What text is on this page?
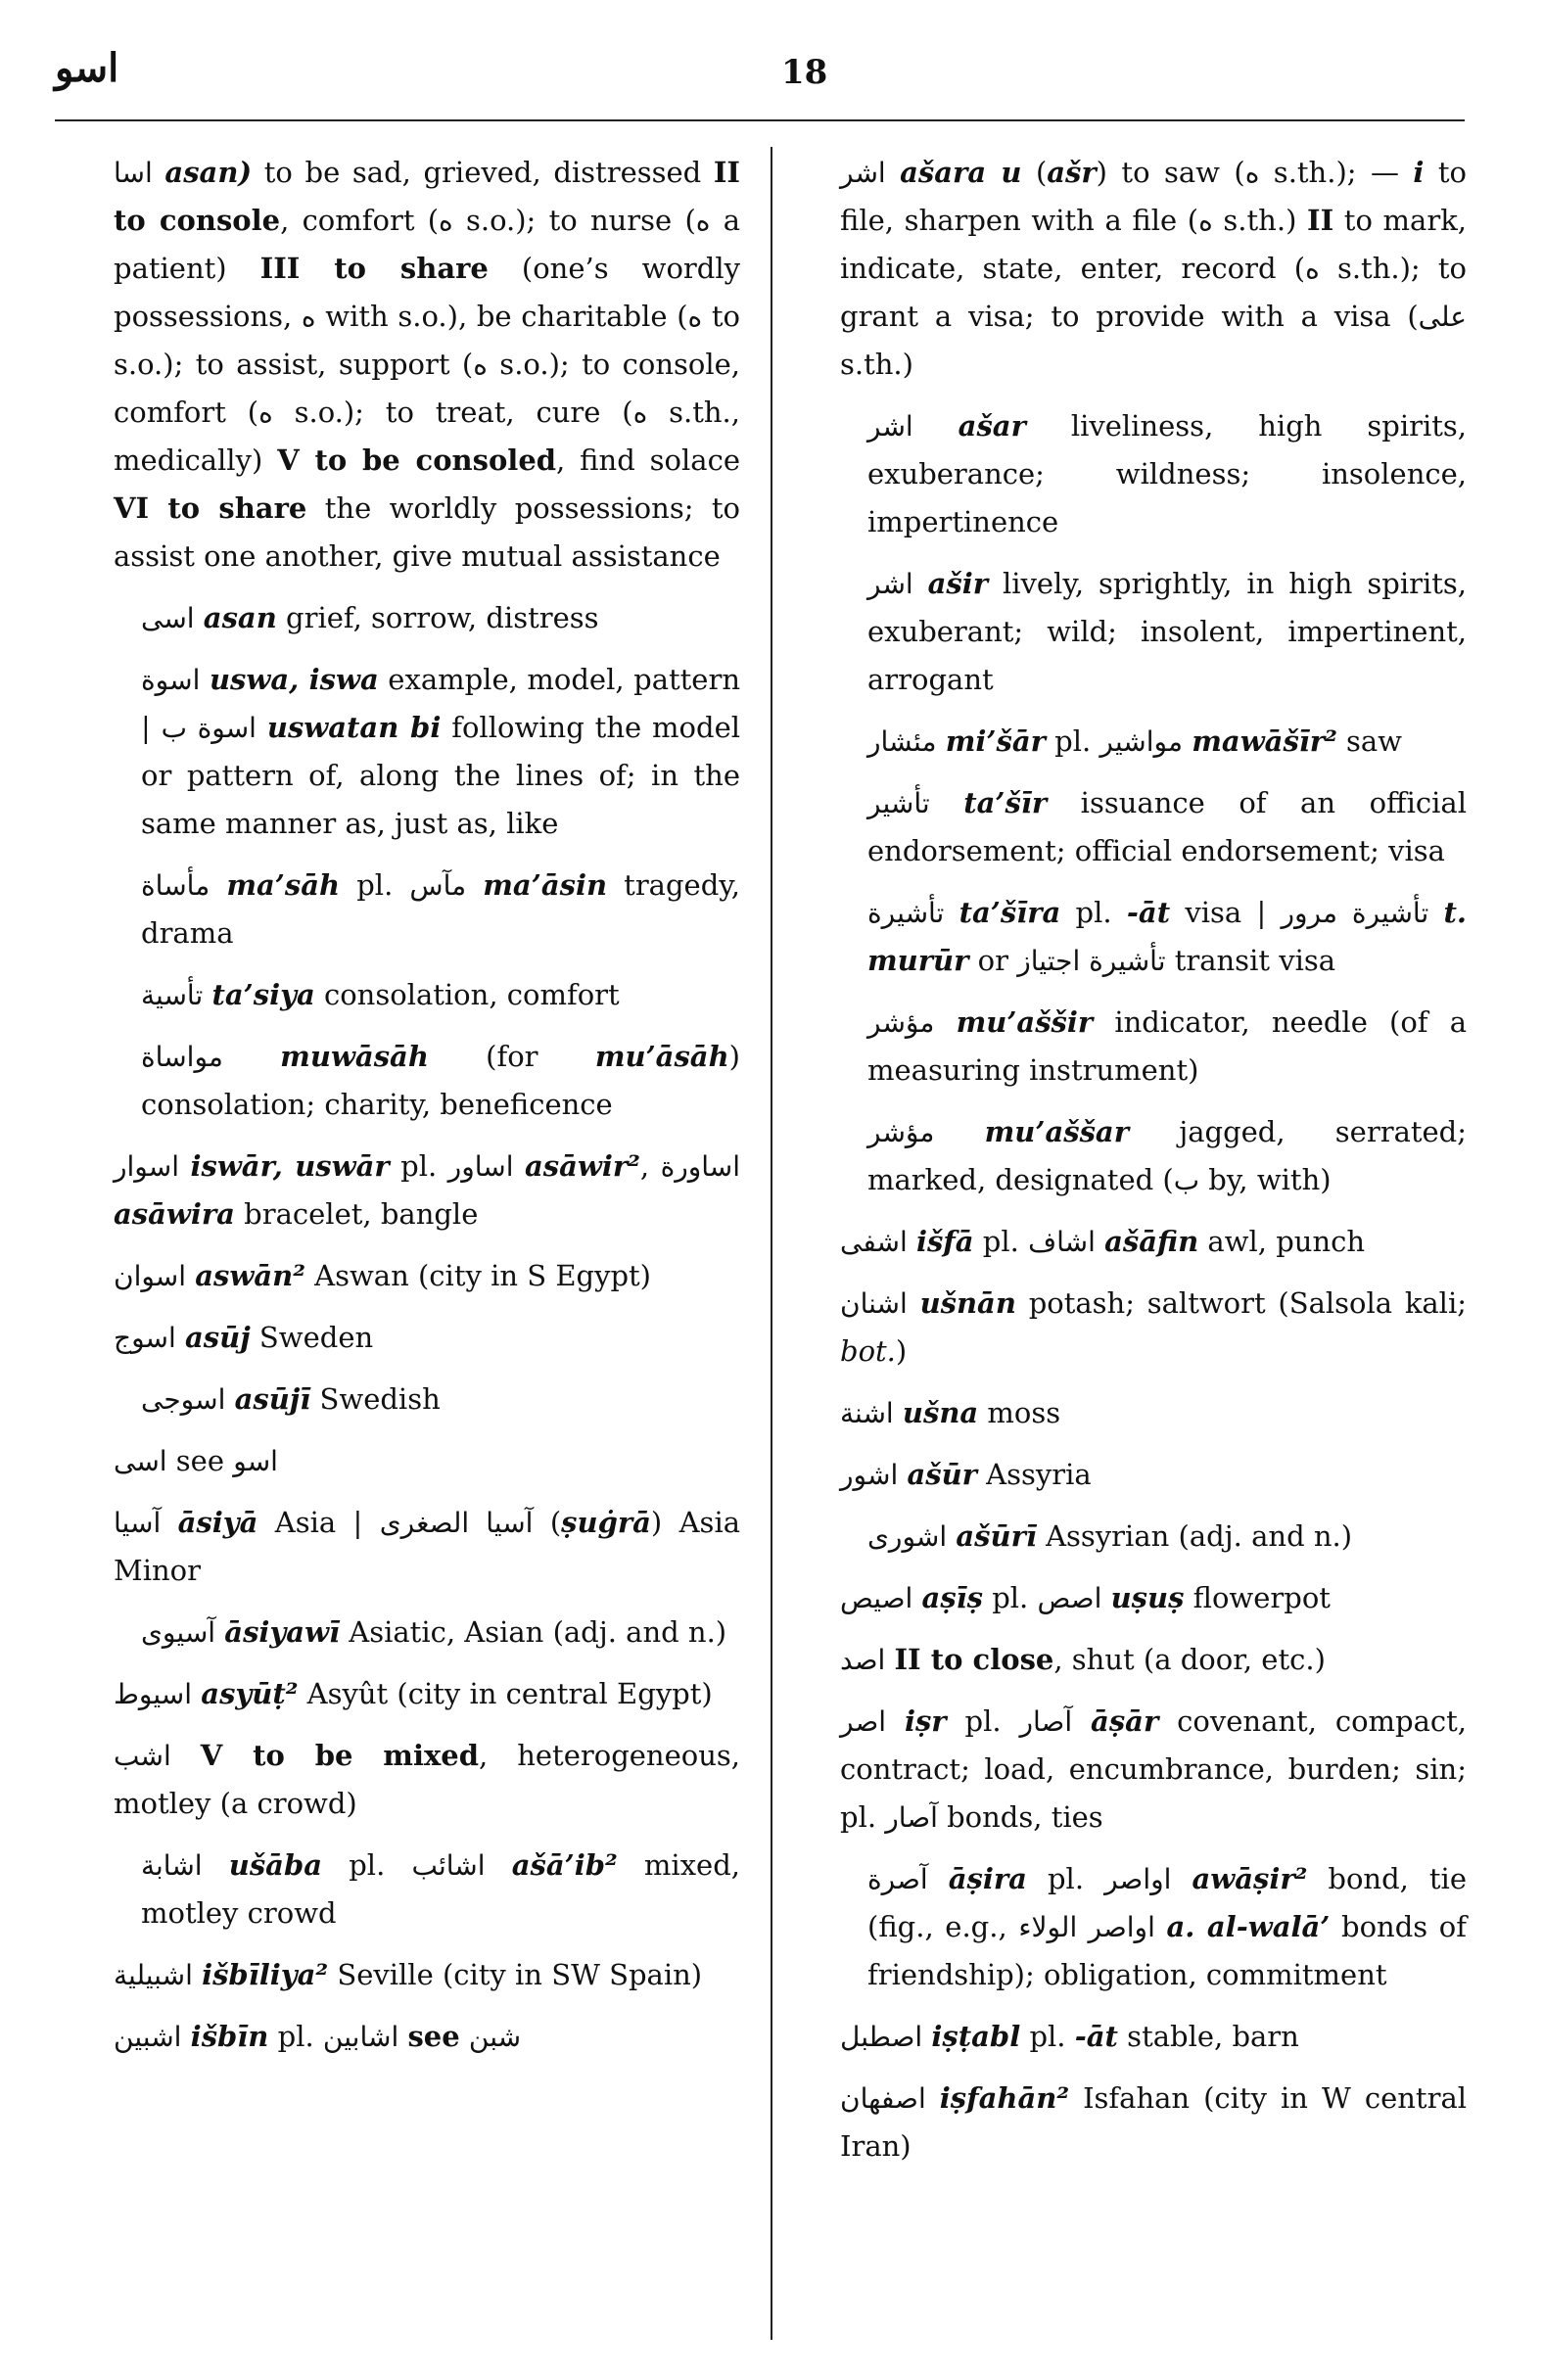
اسو	18

اسا asan) to be sad, grieved, distressed II to console, comfort (ه s.o.); to nurse (ه a patient) III to share (one’s wordly possessions, ه with s.o.), be charitable (ه to s.o.); to assist, support (ه s.o.); to console, comfort (ه s.o.); to treat, cure (ه s.th., medically) V to be consoled, find solace VI to share the worldly possessions; to assist one another, give mutual assistance

اسى asan grief, sorrow, distress

اسوة uswa, iswa example, model, pattern | اسوة ب uswatan bi following the model or pattern of, along the lines of; in the same manner as, just as, like

مأساة ma’sāh pl. مآس ma’āsin tragedy, drama

تأسية ta’siya consolation, comfort

مواساة muwāsāh (for mu’āsāh) consolation; charity, beneficence

اسوار iswār, uswār pl. اساور asāwir², اساورة asāwira bracelet, bangle

اسوان aswān² Aswan (city in S Egypt)

اسوج asūj Sweden

اسوجى asūjī Swedish

اسى see اسو

آسيا āsiyā Asia | آسيا الصغرى (ṣuġrā) Asia Minor

آسيوى āsiyawī Asiatic, Asian (adj. and n.)

اسيوط asyūṭ² Asyût (city in central Egypt)

اشب V to be mixed, heterogeneous, motley (a crowd)

اشابة ušāba pl. اشائب ašā’ib² mixed, motley crowd

اشبيلية išbīliya² Seville (city in SW Spain)

اشبين išbīn pl. اشابين see شبن

اشر ašara u (ašr) to saw (ه s.th.); — i to file, sharpen with a file (ه s.th.) II to mark, indicate, state, enter, record (ه s.th.); to grant a visa; to provide with a visa (على s.th.)

اشر ašar liveliness, high spirits, exuberance; wildness; insolence, impertinence

اشر ašir lively, sprightly, in high spirits, exuberant; wild; insolent, impertinent, arrogant

مئشار mi’šār pl. مواشير mawāšīr² saw

تأشير ta’šīr issuance of an official endorsement; official endorsement; visa

تأشيرة ta’šīra pl. -āt visa | تأشيرة مرور t. murūr or تأشيرة اجتياز transit visa

مؤشر mu’aššir indicator, needle (of a measuring instrument)

مؤشر mu’aššar jagged, serrated; marked, designated (ب by, with)

اشفى išfā pl. اشاف ašāfin awl, punch

اشنان ušnān potash; saltwort (Salsola kali; bot.)

اشنة ušna moss

اشور ašūr Assyria

اشورى ašūrī Assyrian (adj. and n.)

اصيص aṣīṣ pl. اصص uṣuṣ flowerpot

اصد II to close, shut (a door, etc.)

اصر iṣr pl. آصار āṣār covenant, compact, contract; load, encumbrance, burden; sin; pl. آصار bonds, ties

آصرة āṣira pl. اواصر awāṣir² bond, tie (fig., e.g., اواصر الولاء a. al-walā’ bonds of friendship); obligation, commitment

اصطبل iṣṭabl pl. -āt stable, barn

اصفهان iṣfahān² Isfahan (city in W central Iran)
